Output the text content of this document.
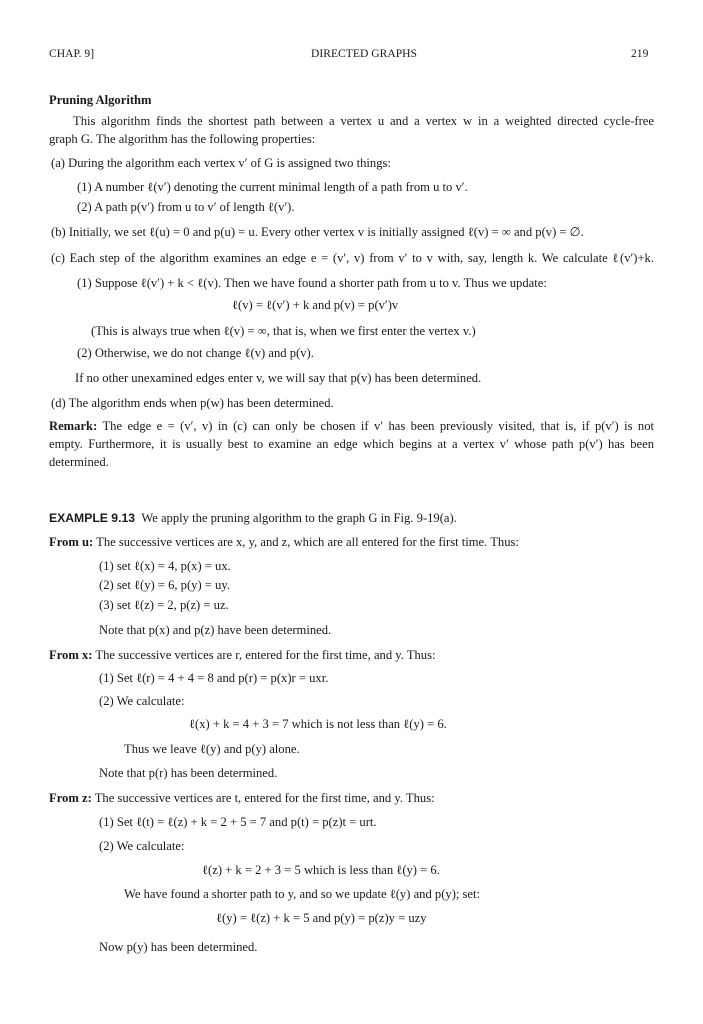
CHAP. 9]	DIRECTED GRAPHS	219
Pruning Algorithm
This algorithm finds the shortest path between a vertex u and a vertex w in a weighted directed cycle-free
graph G. The algorithm has the following properties:
(a) During the algorithm each vertex v′ of G is assigned two things:
(1) A number ℓ(v′) denoting the current minimal length of a path from u to v′.
(2) A path p(v′) from u to v′ of length ℓ(v′).
(b) Initially, we set ℓ(u) = 0 and p(u) = u. Every other vertex v is initially assigned ℓ(v) = ∞ and p(v) = ∅.
(c) Each step of the algorithm examines an edge e = (v′, v) from v′ to v with, say, length k. We calculate ℓ(v′)+k.
(1) Suppose ℓ(v′) + k < ℓ(v). Then we have found a shorter path from u to v. Thus we update:
ℓ(v) = ℓ(v′) + k and p(v) = p(v′)v
(This is always true when ℓ(v) = ∞, that is, when we first enter the vertex v.)
(2) Otherwise, we do not change ℓ(v) and p(v).
If no other unexamined edges enter v, we will say that p(v) has been determined.
(d) The algorithm ends when p(w) has been determined.
Remark: The edge e = (v′, v) in (c) can only be chosen if v′ has been previously visited, that is, if p(v′) is not
empty. Furthermore, it is usually best to examine an edge which begins at a vertex v′ whose path p(v′) has been
determined.
EXAMPLE 9.13 We apply the pruning algorithm to the graph G in Fig. 9-19(a).
From u: The successive vertices are x, y, and z, which are all entered for the first time. Thus:
(1) set ℓ(x) = 4, p(x) = ux.
(2) set ℓ(y) = 6, p(y) = uy.
(3) set ℓ(z) = 2, p(z) = uz.
Note that p(x) and p(z) have been determined.
From x: The successive vertices are r, entered for the first time, and y. Thus:
(1) Set ℓ(r) = 4 + 4 = 8 and p(r) = p(x)r = uxr.
(2) We calculate:
ℓ(x) + k = 4 + 3 = 7 which is not less than ℓ(y) = 6.
Thus we leave ℓ(y) and p(y) alone.
Note that p(r) has been determined.
From z: The successive vertices are t, entered for the first time, and y. Thus:
(1) Set ℓ(t) = ℓ(z) + k = 2 + 5 = 7 and p(t) = p(z)t = urt.
(2) We calculate:
ℓ(z) + k = 2 + 3 = 5 which is less than ℓ(y) = 6.
We have found a shorter path to y, and so we update ℓ(y) and p(y); set:
ℓ(y) = ℓ(z) + k = 5 and p(y) = p(z)y = uzy
Now p(y) has been determined.
